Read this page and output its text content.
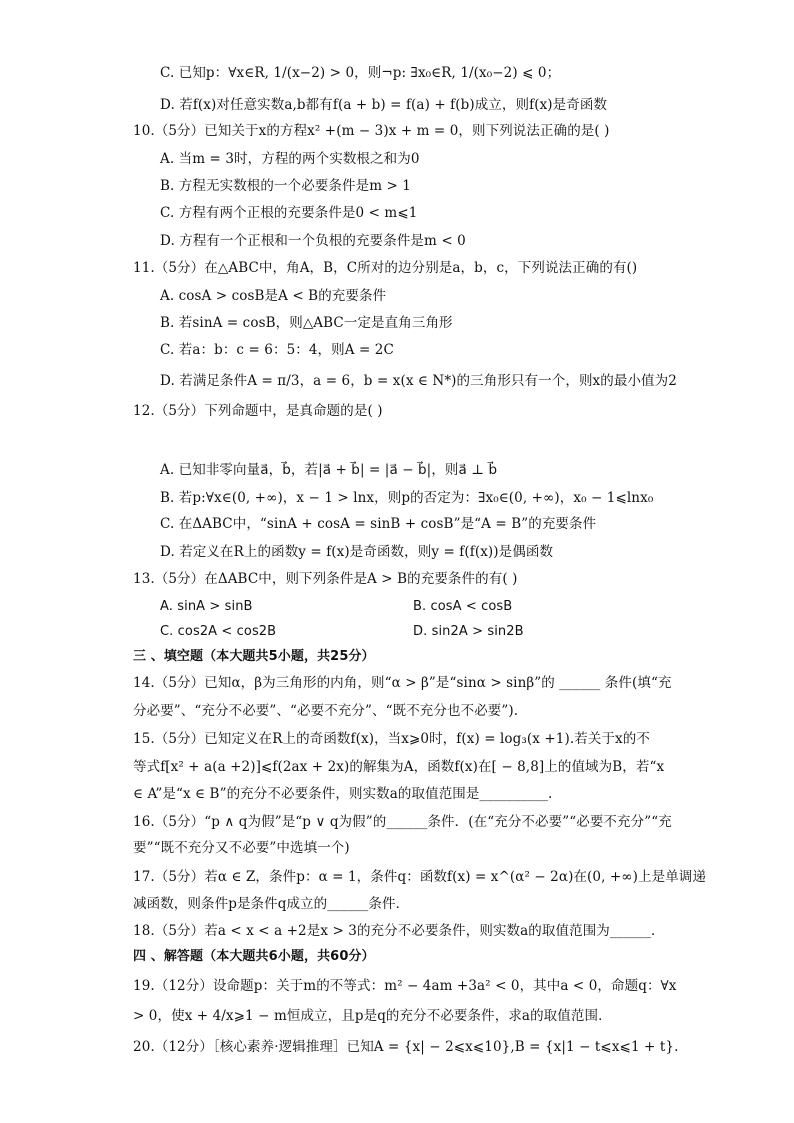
C. 已知p：∀x∈R, 1/(x−2) > 0，则¬p: ∃x₀∈R, 1/(x₀−2) ⩽ 0；
D. 若f(x)对任意实数a,b都有f(a + b) = f(a) + f(b)成立，则f(x)是奇函数
10.（5分）已知关于x的方程x² +(m − 3)x + m = 0，则下列说法正确的是( )
A. 当m = 3时，方程的两个实数根之和为0
B. 方程无实数根的一个必要条件是m > 1
C. 方程有两个正根的充要条件是0 < m⩽1
D. 方程有一个正根和一个负根的充要条件是m < 0
11.（5分）在△ABC中，角A，B，C所对的边分别是a，b，c，下列说法正确的有()
A. cosA > cosB是A < B的充要条件
B. 若sinA = cosB，则△ABC一定是直角三角形
C. 若a：b：c = 6：5：4，则A = 2C
D. 若满足条件A = π/3，a = 6，b = x(x ∈ N*)的三角形只有一个，则x的最小值为2
12.（5分）下列命题中，是真命题的是( )
A. 已知非零向量a⃗，b⃗，若|a⃗ + b⃗| = |a⃗ − b⃗|，则a⃗ ⊥ b⃗
B. 若p:∀x∈(0, +∞)，x − 1 > lnx，则p的否定为：∃x₀∈(0, +∞)，x₀ − 1⩽lnx₀
C. 在ΔABC中，“sinA + cosA = sinB + cosB”是“A = B”的充要条件
D. 若定义在R上的函数y = f(x)是奇函数，则y = f(f(x))是偶函数
13.（5分）在ΔABC中，则下列条件是A > B的充要条件的有( )
A. sinA > sinB	B. cosA < cosB
C. cos2A < cos2B	D. sin2A > sin2B
三 、填空题（本大题共5小题，共25分）
14.（5分）已知α，β为三角形的内角，则“α > β”是“sinα > sinβ”的 ______ 条件(填“充
分必要”、“充分不必要”、“必要不充分”、“既不充分也不必要”).
15.（5分）已知定义在R上的奇函数f(x)，当x⩾0时，f(x) = log₃(x +1).若关于x的不
等式f[x² + a(a +2)]⩽f(2ax + 2x)的解集为A，函数f(x)在[ − 8,8]上的值域为B，若“x
∈ A”是“x ∈ B”的充分不必要条件，则实数a的取值范围是__________.
16.（5分）“p ∧ q为假”是“p ∨ q为假”的______条件．(在“充分不必要”“必要不充分”“充
要”“既不充分又不必要”中选填一个)
17.（5分）若α ∈ Z，条件p：α = 1，条件q：函数f(x) = x^(α² − 2α)在(0, +∞)上是单调递
减函数，则条件p是条件q成立的______条件．
18.（5分）若a < x < a +2是x > 3的充分不必要条件，则实数a的取值范围为______．
四 、解答题（本大题共6小题，共60分）
19.（12分）设命题p：关于m的不等式：m² − 4am +3a² < 0，其中a < 0，命题q：∀x
> 0，使x + 4/x⩾1 − m恒成立，且p是q的充分不必要条件，求a的取值范围．
20.（12分）［核心素养·逻辑推理］已知A = {x| − 2⩽x⩽10},B = {x|1 − t⩽x⩽1 + t}.
